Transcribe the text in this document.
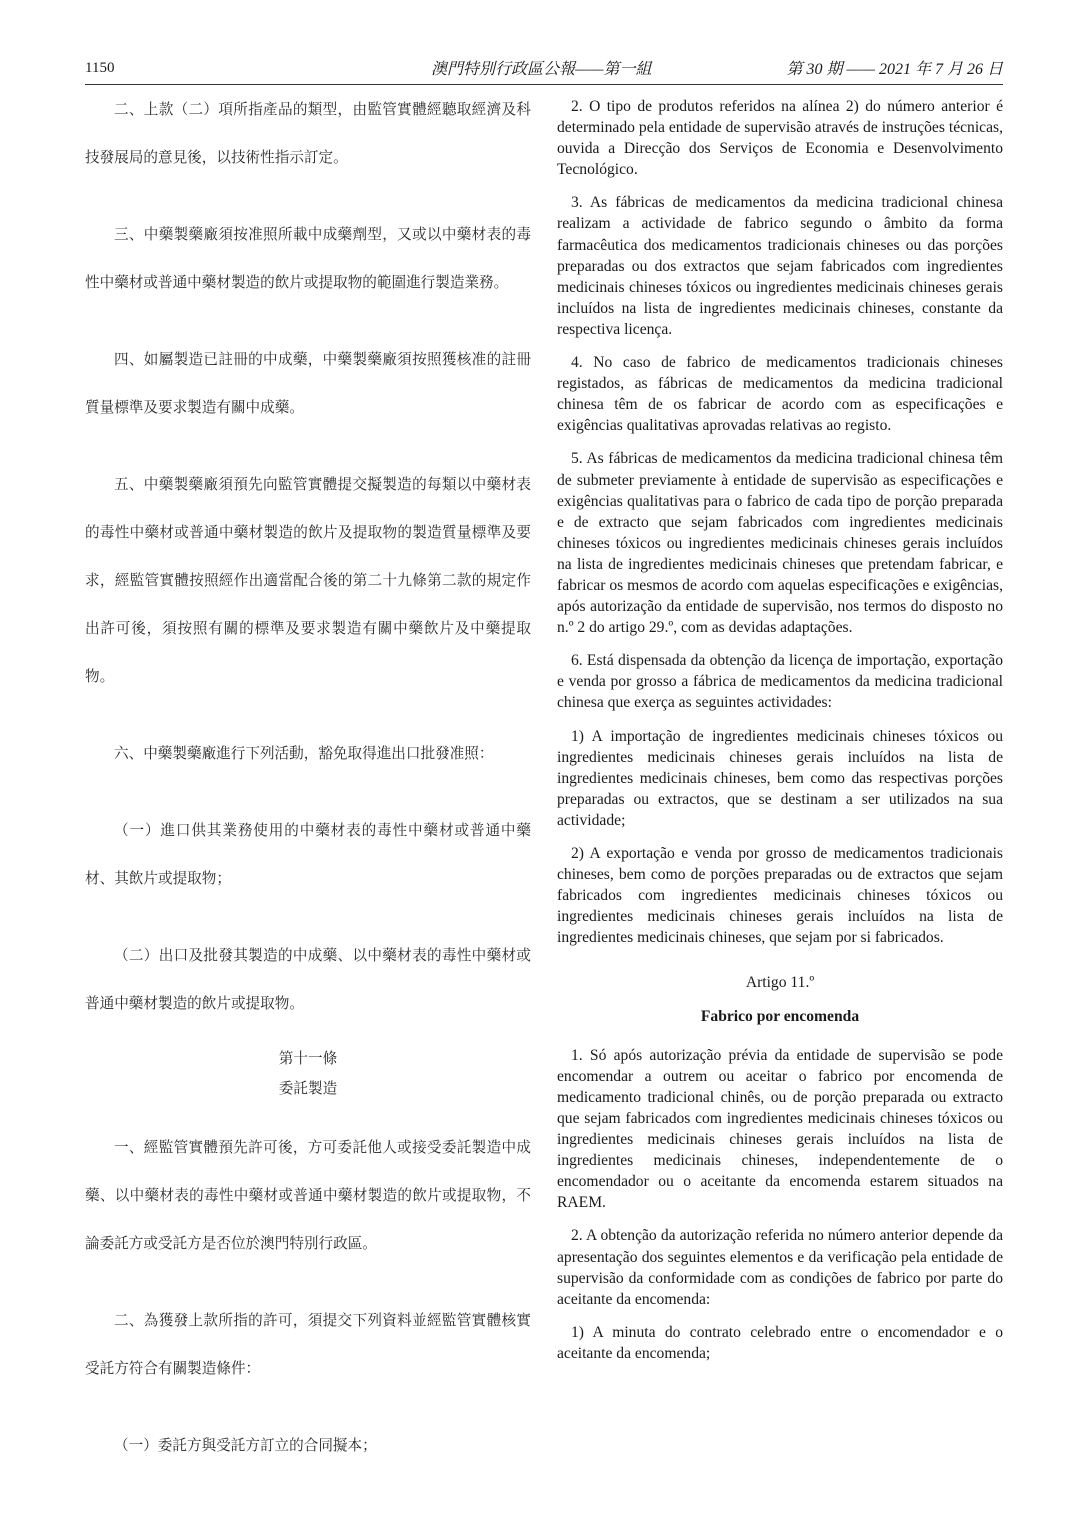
1150	澳門特別行政區公報——第一組	第 30 期 —— 2021 年 7 月 26 日

二、上款（二）項所指產品的類型，由監管實體經聽取經濟及科技發展局的意見後，以技術性指示訂定。

三、中藥製藥廠須按准照所載中成藥劑型，又或以中藥材表的毒性中藥材或普通中藥材製造的飲片或提取物的範圍進行製造業務。

四、如屬製造已註冊的中成藥，中藥製藥廠須按照獲核准的註冊質量標準及要求製造有關中成藥。

五、中藥製藥廠須預先向監管實體提交擬製造的每類以中藥材表的毒性中藥材或普通中藥材製造的飲片及提取物的製造質量標準及要求，經監管實體按照經作出適當配合後的第二十九條第二款的規定作出許可後，須按照有關的標準及要求製造有關中藥飲片及中藥提取物。

六、中藥製藥廠進行下列活動，豁免取得進出口批發准照：

（一）進口供其業務使用的中藥材表的毒性中藥材或普通中藥材、其飲片或提取物；

（二）出口及批發其製造的中成藥、以中藥材表的毒性中藥材或普通中藥材製造的飲片或提取物。

第十一條

委託製造

一、經監管實體預先許可後，方可委託他人或接受委託製造中成藥、以中藥材表的毒性中藥材或普通中藥材製造的飲片或提取物，不論委託方或受託方是否位於澳門特別行政區。

二、為獲發上款所指的許可，須提交下列資料並經監管實體核實受託方符合有關製造條件：

（一）委託方與受託方訂立的合同擬本；

2. O tipo de produtos referidos na alínea 2) do número anterior é determinado pela entidade de supervisão através de instruções técnicas, ouvida a Direcção dos Serviços de Economia e Desenvolvimento Tecnológico.

3. As fábricas de medicamentos da medicina tradicional chinesa realizam a actividade de fabrico segundo o âmbito da forma farmacêutica dos medicamentos tradicionais chineses ou das porções preparadas ou dos extractos que sejam fabricados com ingredientes medicinais chineses tóxicos ou ingredientes medicinais chineses gerais incluídos na lista de ingredientes medicinais chineses, constante da respectiva licença.

4. No caso de fabrico de medicamentos tradicionais chineses registados, as fábricas de medicamentos da medicina tradicional chinesa têm de os fabricar de acordo com as especificações e exigências qualitativas aprovadas relativas ao registo.

5. As fábricas de medicamentos da medicina tradicional chinesa têm de submeter previamente à entidade de supervisão as especificações e exigências qualitativas para o fabrico de cada tipo de porção preparada e de extracto que sejam fabricados com ingredientes medicinais chineses tóxicos ou ingredientes medicinais chineses gerais incluídos na lista de ingredientes medicinais chineses que pretendam fabricar, e fabricar os mesmos de acordo com aquelas especificações e exigências, após autorização da entidade de supervisão, nos termos do disposto no n.º 2 do artigo 29.º, com as devidas adaptações.

6. Está dispensada da obtenção da licença de importação, exportação e venda por grosso a fábrica de medicamentos da medicina tradicional chinesa que exerça as seguintes actividades:

1) A importação de ingredientes medicinais chineses tóxicos ou ingredientes medicinais chineses gerais incluídos na lista de ingredientes medicinais chineses, bem como das respectivas porções preparadas ou extractos, que se destinam a ser utilizados na sua actividade;

2) A exportação e venda por grosso de medicamentos tradicionais chineses, bem como de porções preparadas ou de extractos que sejam fabricados com ingredientes medicinais chineses tóxicos ou ingredientes medicinais chineses gerais incluídos na lista de ingredientes medicinais chineses, que sejam por si fabricados.

Artigo 11.º

Fabrico por encomenda

1. Só após autorização prévia da entidade de supervisão se pode encomendar a outrem ou aceitar o fabrico por encomenda de medicamento tradicional chinês, ou de porção preparada ou extracto que sejam fabricados com ingredientes medicinais chineses tóxicos ou ingredientes medicinais chineses gerais incluídos na lista de ingredientes medicinais chineses, independentemente de o encomendador ou o aceitante da encomenda estarem situados na RAEM.

2. A obtenção da autorização referida no número anterior depende da apresentação dos seguintes elementos e da verificação pela entidade de supervisão da conformidade com as condições de fabrico por parte do aceitante da encomenda:

1) A minuta do contrato celebrado entre o encomendador e o aceitante da encomenda;
